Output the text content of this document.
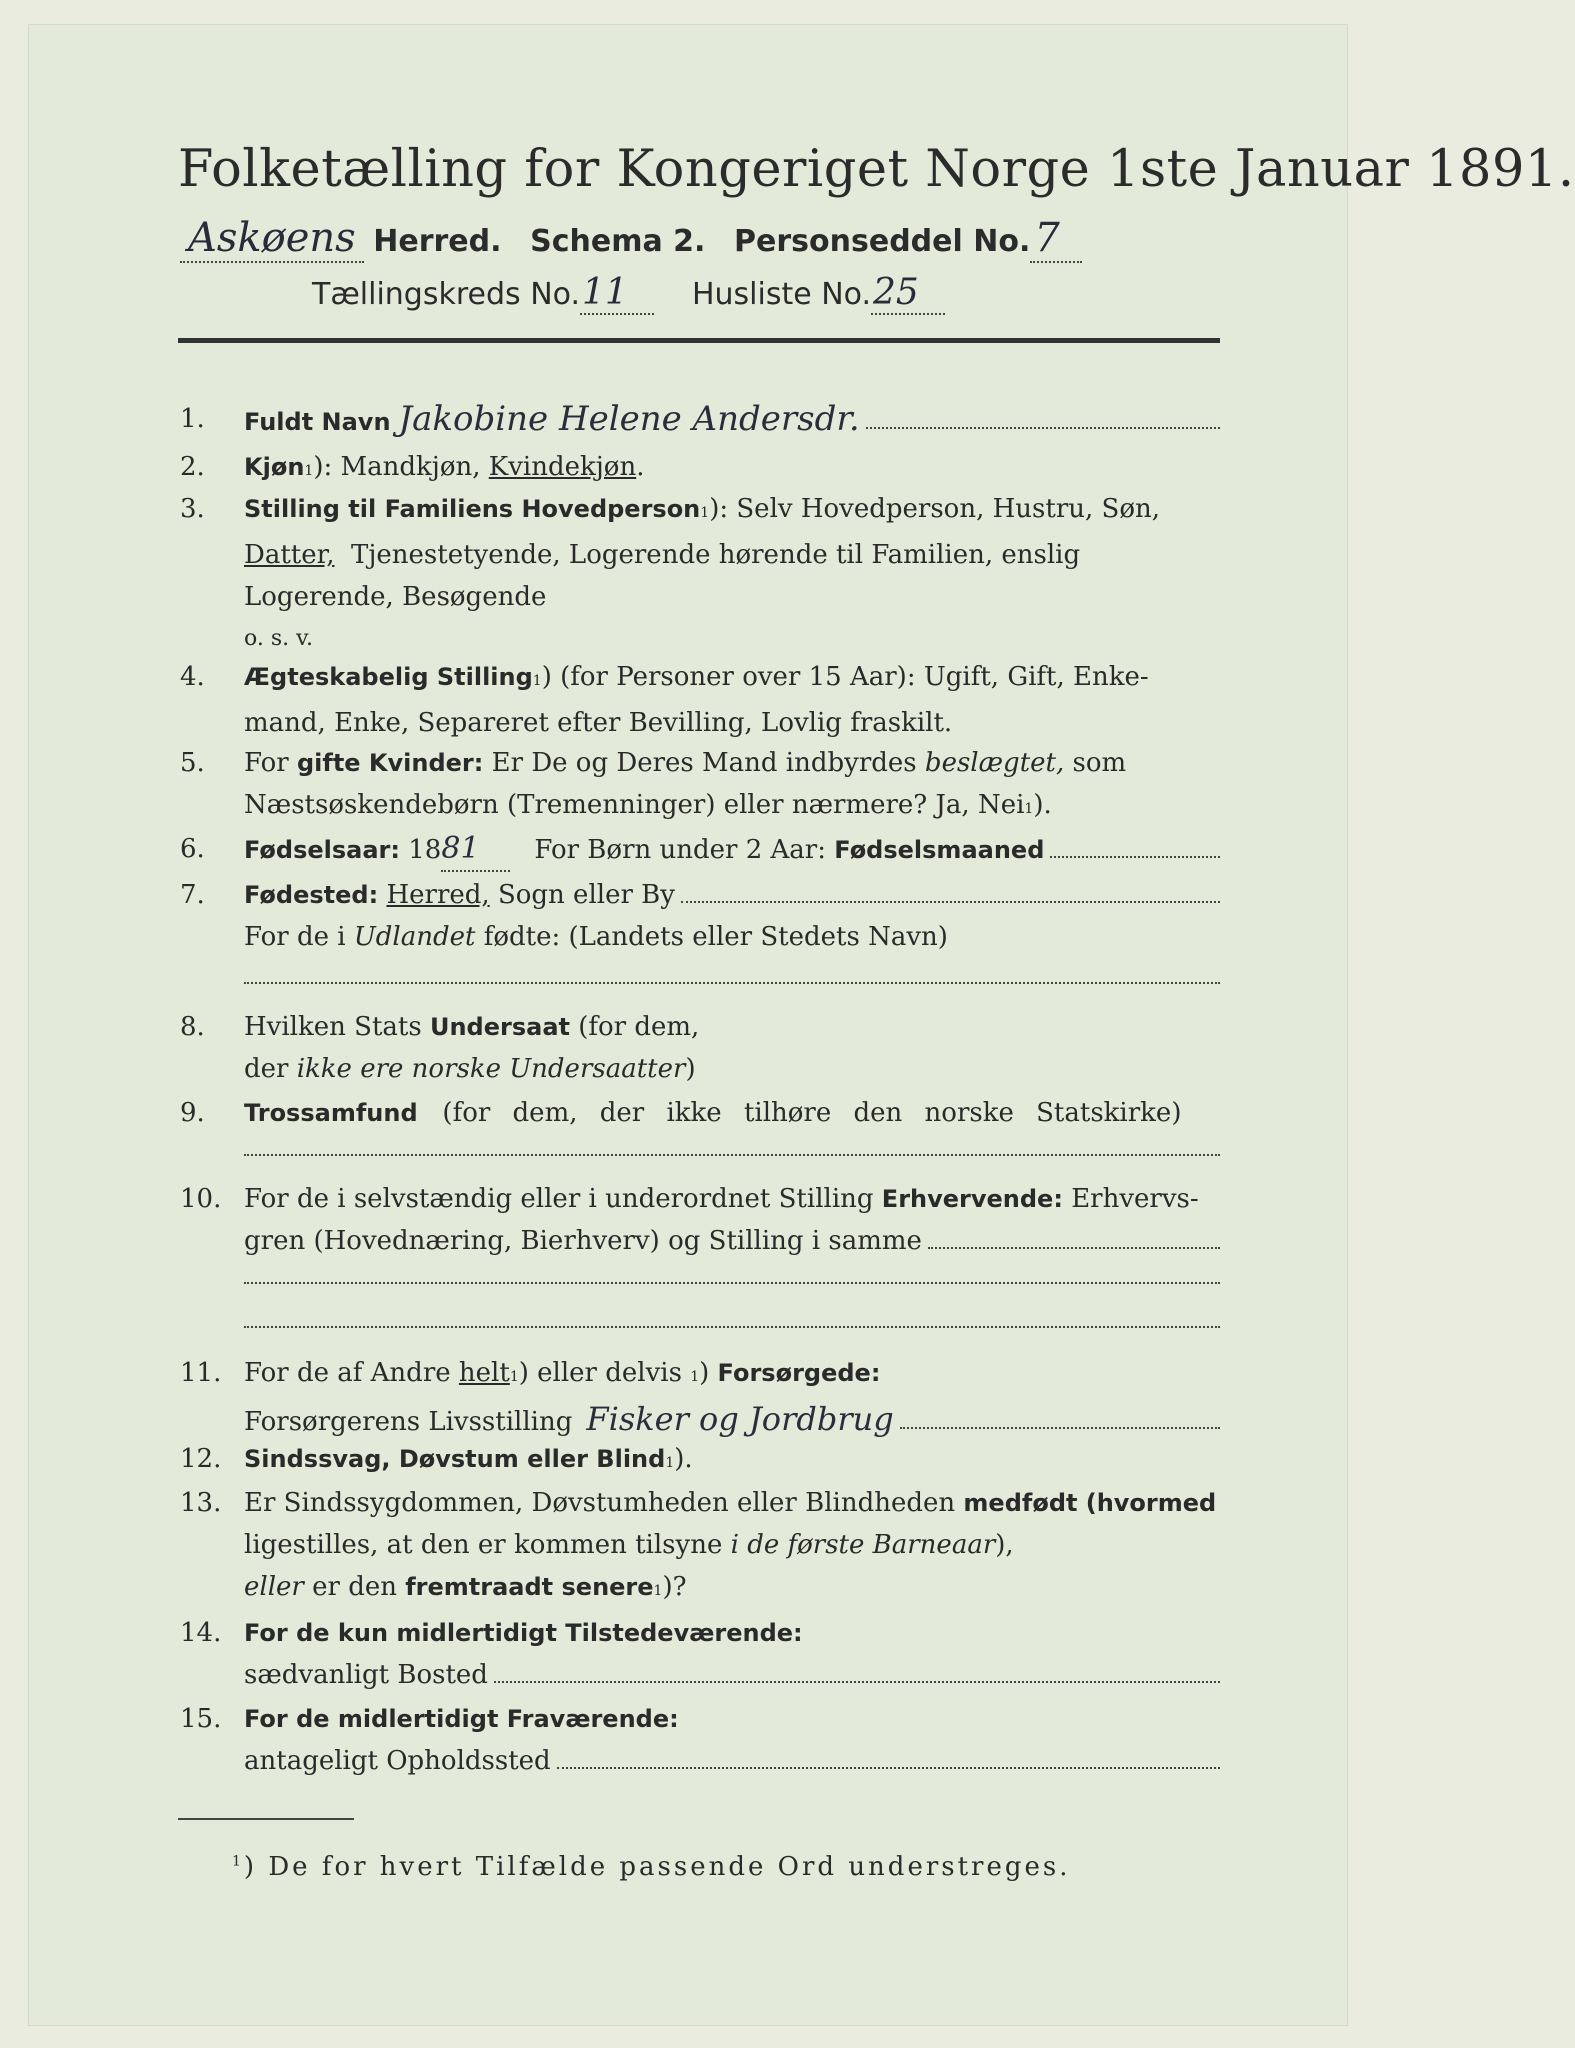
Folketælling for Kongeriget Norge 1ste Januar 1891.
Askøens Herred. Schema 2. Personseddel No. 7
Tællingskreds No.11 Husliste No.25
1.	Fuldt Navn Jakobine Helene Andersdr.
2.	Kjøn 1 ): Mandkjøn,
Kvindekjøn .
3.	Stilling til Familiens Hovedperson 1 ): Selv Hovedperson, Hustru, Søn,
Datter,
Tjenestetyende, Logerende hørende til Familien, enslig
Logerende, Besøgende
o. s. v.
4.	Ægteskabelig Stilling 1 ) (for Personer over 15 Aar): Ugift, Gift, Enke-
mand, Enke, Separeret efter Bevilling, Lovlig fraskilt.
5.	For
gifte Kvinder:
Er De og Deres Mand indbyrdes
beslægtet,
som
Næstsøskendebørn (Tremenninger) eller nærmere? Ja, Nei 1 ).
6.	Fødselsaar:
18 81
	For Børn under 2 Aar:
Fødselsmaaned
7.	Fødested:
Herred,
Sogn eller By
For de i
Udlandet
fødte: (Landets eller Stedets Navn)
8.	Hvilken Stats
Undersaat
(for dem,
der
ikke ere norske Undersaatter )
9.	Trossamfund
(for dem, der ikke tilhøre den norske Statskirke)
10. For de i selvstændig eller i underordnet Stilling
Erhvervende:
Erhvervs-
gren (Hovednæring, Bierhverv) og Stilling i samme
11. For de af Andre
helt 1 ) eller delvis
1 )
Forsørgede:
Forsørgerens Livsstilling Fisker og Jordbrug
12. Sindssvag, Døvstum eller Blind 1 ).
13. Er Sindssygdommen, Døvstumheden eller Blindheden
medfødt
(hvormed
ligestilles, at den er kommen tilsyne
i de første Barneaar ),
eller
er den
fremtraadt senere 1 )?
14. For de kun midlertidigt Tilstedeværende:
sædvanligt Bosted
15. For de midlertidigt Fraværende:
antageligt Opholdssted
$^1$) De for hvert Tilfælde passende Ord understreges.
